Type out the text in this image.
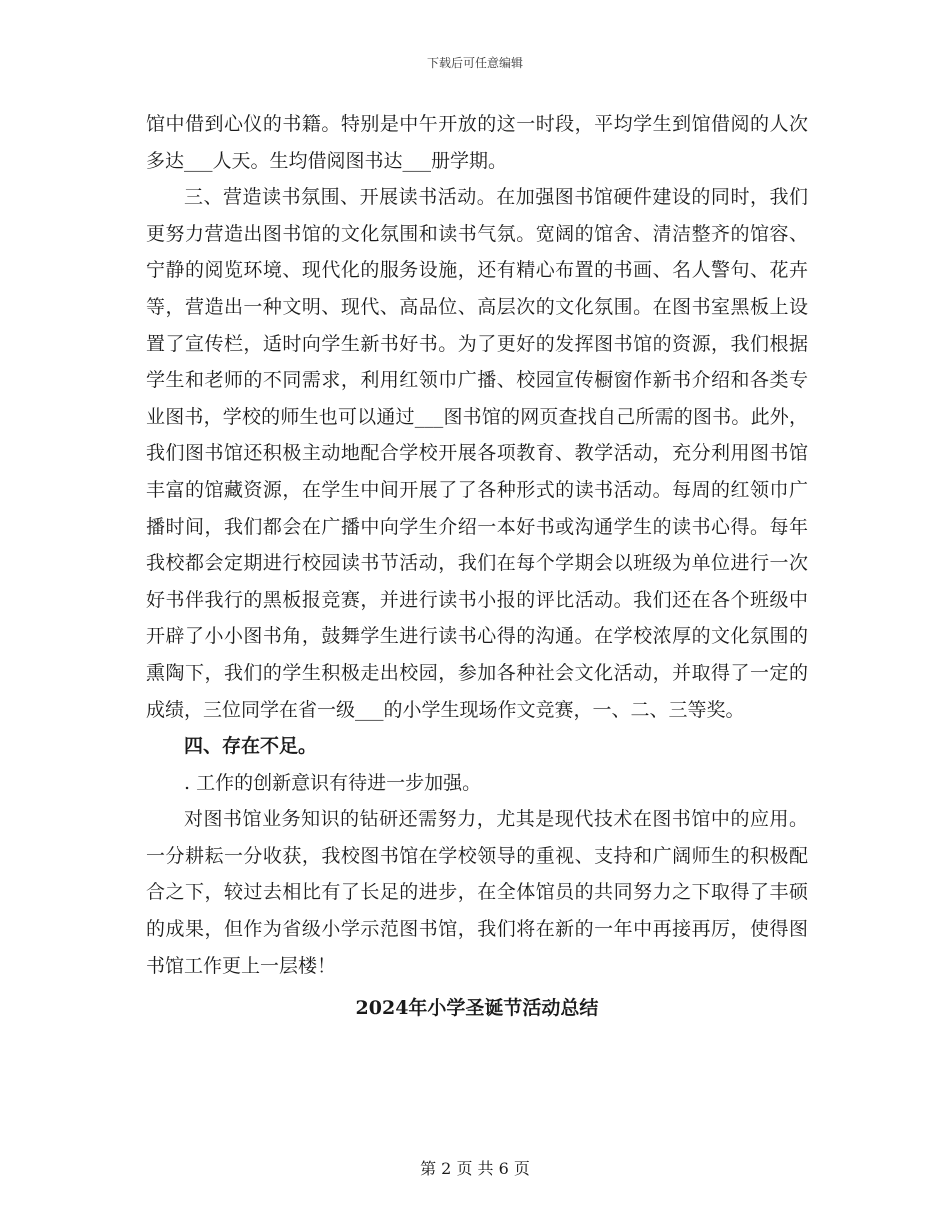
下载后可任意编辑

馆中借到心仪的书籍。特别是中午开放的这一时段，平均学生到馆借阅的人次多达___人天。生均借阅图书达___册学期。

三、营造读书氛围、开展读书活动。在加强图书馆硬件建设的同时，我们更努力营造出图书馆的文化氛围和读书气氛。宽阔的馆舍、清洁整齐的馆容、宁静的阅览环境、现代化的服务设施，还有精心布置的书画、名人警句、花卉等，营造出一种文明、现代、高品位、高层次的文化氛围。在图书室黑板上设置了宣传栏，适时向学生新书好书。为了更好的发挥图书馆的资源，我们根据学生和老师的不同需求，利用红领巾广播、校园宣传橱窗作新书介绍和各类专业图书，学校的师生也可以通过___图书馆的网页查找自己所需的图书。此外，我们图书馆还积极主动地配合学校开展各项教育、教学活动，充分利用图书馆丰富的馆藏资源，在学生中间开展了了各种形式的读书活动。每周的红领巾广播时间，我们都会在广播中向学生介绍一本好书或沟通学生的读书心得。每年我校都会定期进行校园读书节活动，我们在每个学期会以班级为单位进行一次好书伴我行的黑板报竞赛，并进行读书小报的评比活动。我们还在各个班级中开辟了小小图书角，鼓舞学生进行读书心得的沟通。在学校浓厚的文化氛围的熏陶下，我们的学生积极走出校园，参加各种社会文化活动，并取得了一定的成绩，三位同学在省一级___的小学生现场作文竞赛，一、二、三等奖。

四、存在不足。

. 工作的创新意识有待进一步加强。

对图书馆业务知识的钻研还需努力，尤其是现代技术在图书馆中的应用。一分耕耘一分收获，我校图书馆在学校领导的重视、支持和广阔师生的积极配合之下，较过去相比有了长足的进步，在全体馆员的共同努力之下取得了丰硕的成果，但作为省级小学示范图书馆，我们将在新的一年中再接再厉，使得图书馆工作更上一层楼！

2024年小学圣诞节活动总结

第 2 页 共 6 页
